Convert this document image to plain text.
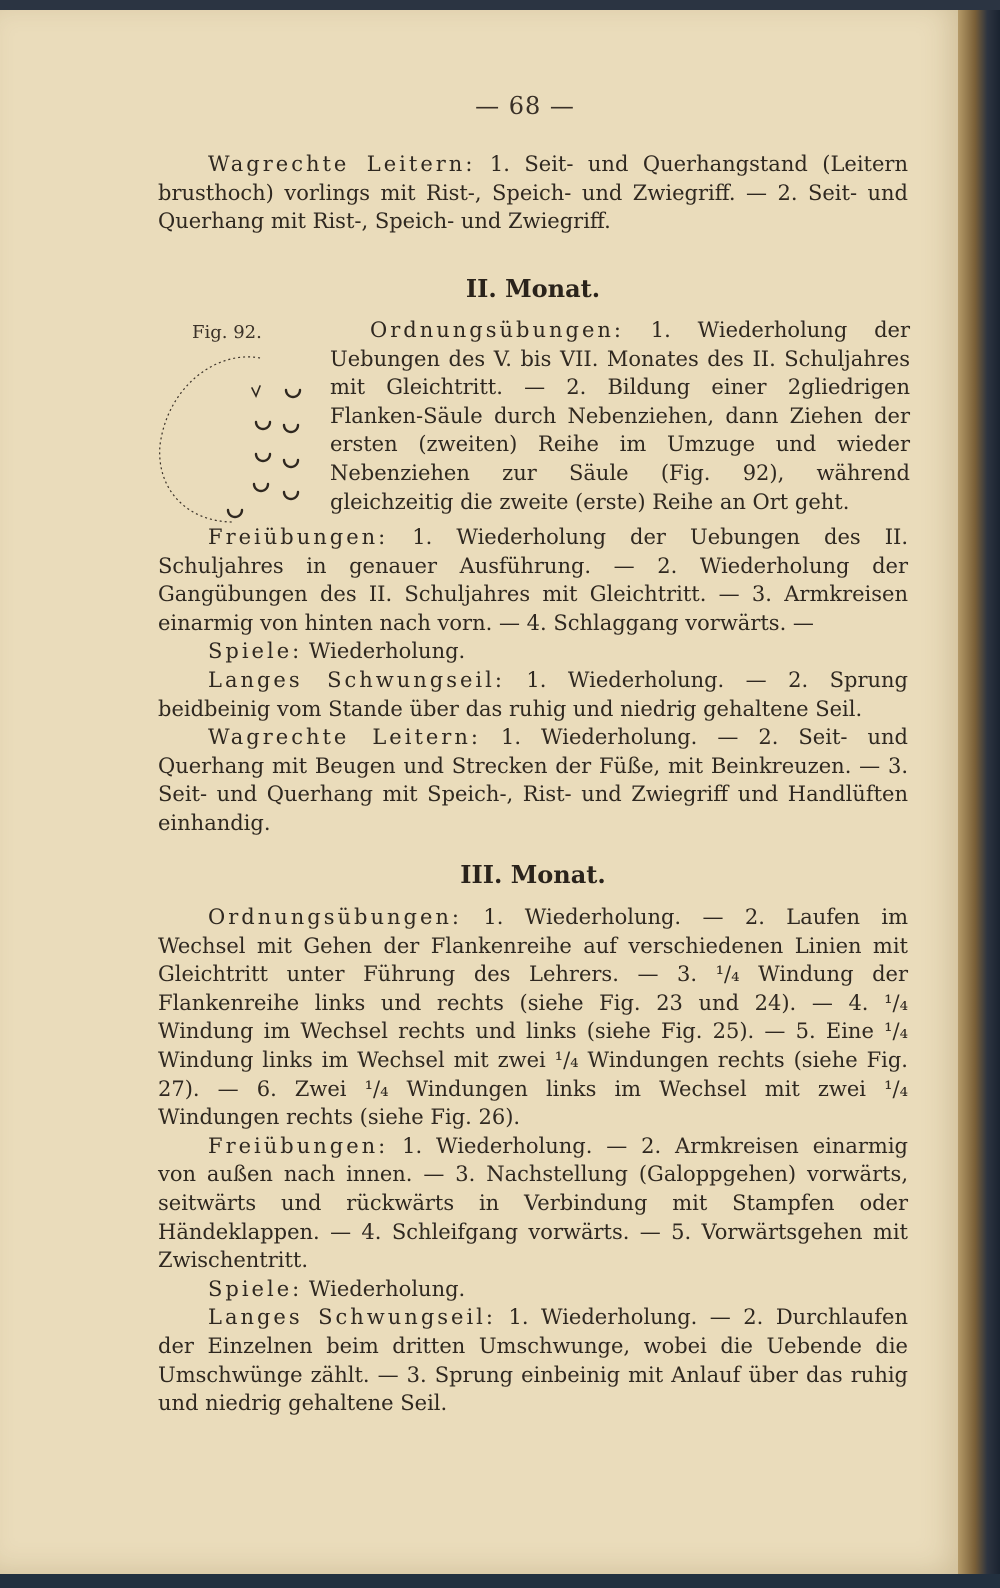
— 68 —

Wagrechte Leitern: 1. Seit- und Querhangstand (Leitern brusthoch) vorlings mit Rist-, Speich- und Zwiegriff. — 2. Seit- und Querhang mit Rist-, Speich- und Zwiegriff.

II. Monat.
Fig. 92.	Ordnungsübungen: 1. Wiederholung der Uebungen des V. bis VII. Monates des II. Schuljahres mit Gleichtritt. — 2. Bildung einer 2gliedrigen Flanken-Säule durch Nebenziehen, dann Ziehen der ersten (zweiten) Reihe im Umzuge und wieder Nebenziehen zur Säule (Fig. 92), während gleichzeitig die zweite (erste) Reihe an Ort geht.

Freiübungen: 1. Wiederholung der Uebungen des II. Schuljahres in genauer Ausführung. — 2. Wiederholung der Gangübungen des II. Schuljahres mit Gleichtritt. — 3. Armkreisen einarmig von hinten nach vorn. — 4. Schlaggang vorwärts. —

Spiele: Wiederholung.

Langes Schwungseil: 1. Wiederholung. — 2. Sprung beidbeinig vom Stande über das ruhig und niedrig gehaltene Seil.

Wagrechte Leitern: 1. Wiederholung. — 2. Seit- und Querhang mit Beugen und Strecken der Füße, mit Beinkreuzen. — 3. Seit- und Querhang mit Speich-, Rist- und Zwiegriff und Handlüften einhandig.

III. Monat.

Ordnungsübungen: 1. Wiederholung. — 2. Laufen im Wechsel mit Gehen der Flankenreihe auf verschiedenen Linien mit Gleichtritt unter Führung des Lehrers. — 3. ¹/₄ Windung der Flankenreihe links und rechts (siehe Fig. 23 und 24). — 4. ¹/₄ Windung im Wechsel rechts und links (siehe Fig. 25). — 5. Eine ¹/₄ Windung links im Wechsel mit zwei ¹/₄ Windungen rechts (siehe Fig. 27). — 6. Zwei ¹/₄ Windungen links im Wechsel mit zwei ¹/₄ Windungen rechts (siehe Fig. 26).

Freiübungen: 1. Wiederholung. — 2. Armkreisen einarmig von außen nach innen. — 3. Nachstellung (Galoppgehen) vorwärts, seitwärts und rückwärts in Verbindung mit Stampfen oder Händeklappen. — 4. Schleifgang vorwärts. — 5. Vorwärtsgehen mit Zwischentritt.

Spiele: Wiederholung.

Langes Schwungseil: 1. Wiederholung. — 2. Durchlaufen der Einzelnen beim dritten Umschwunge, wobei die Uebende die Umschwünge zählt. — 3. Sprung einbeinig mit Anlauf über das ruhig und niedrig gehaltene Seil.
